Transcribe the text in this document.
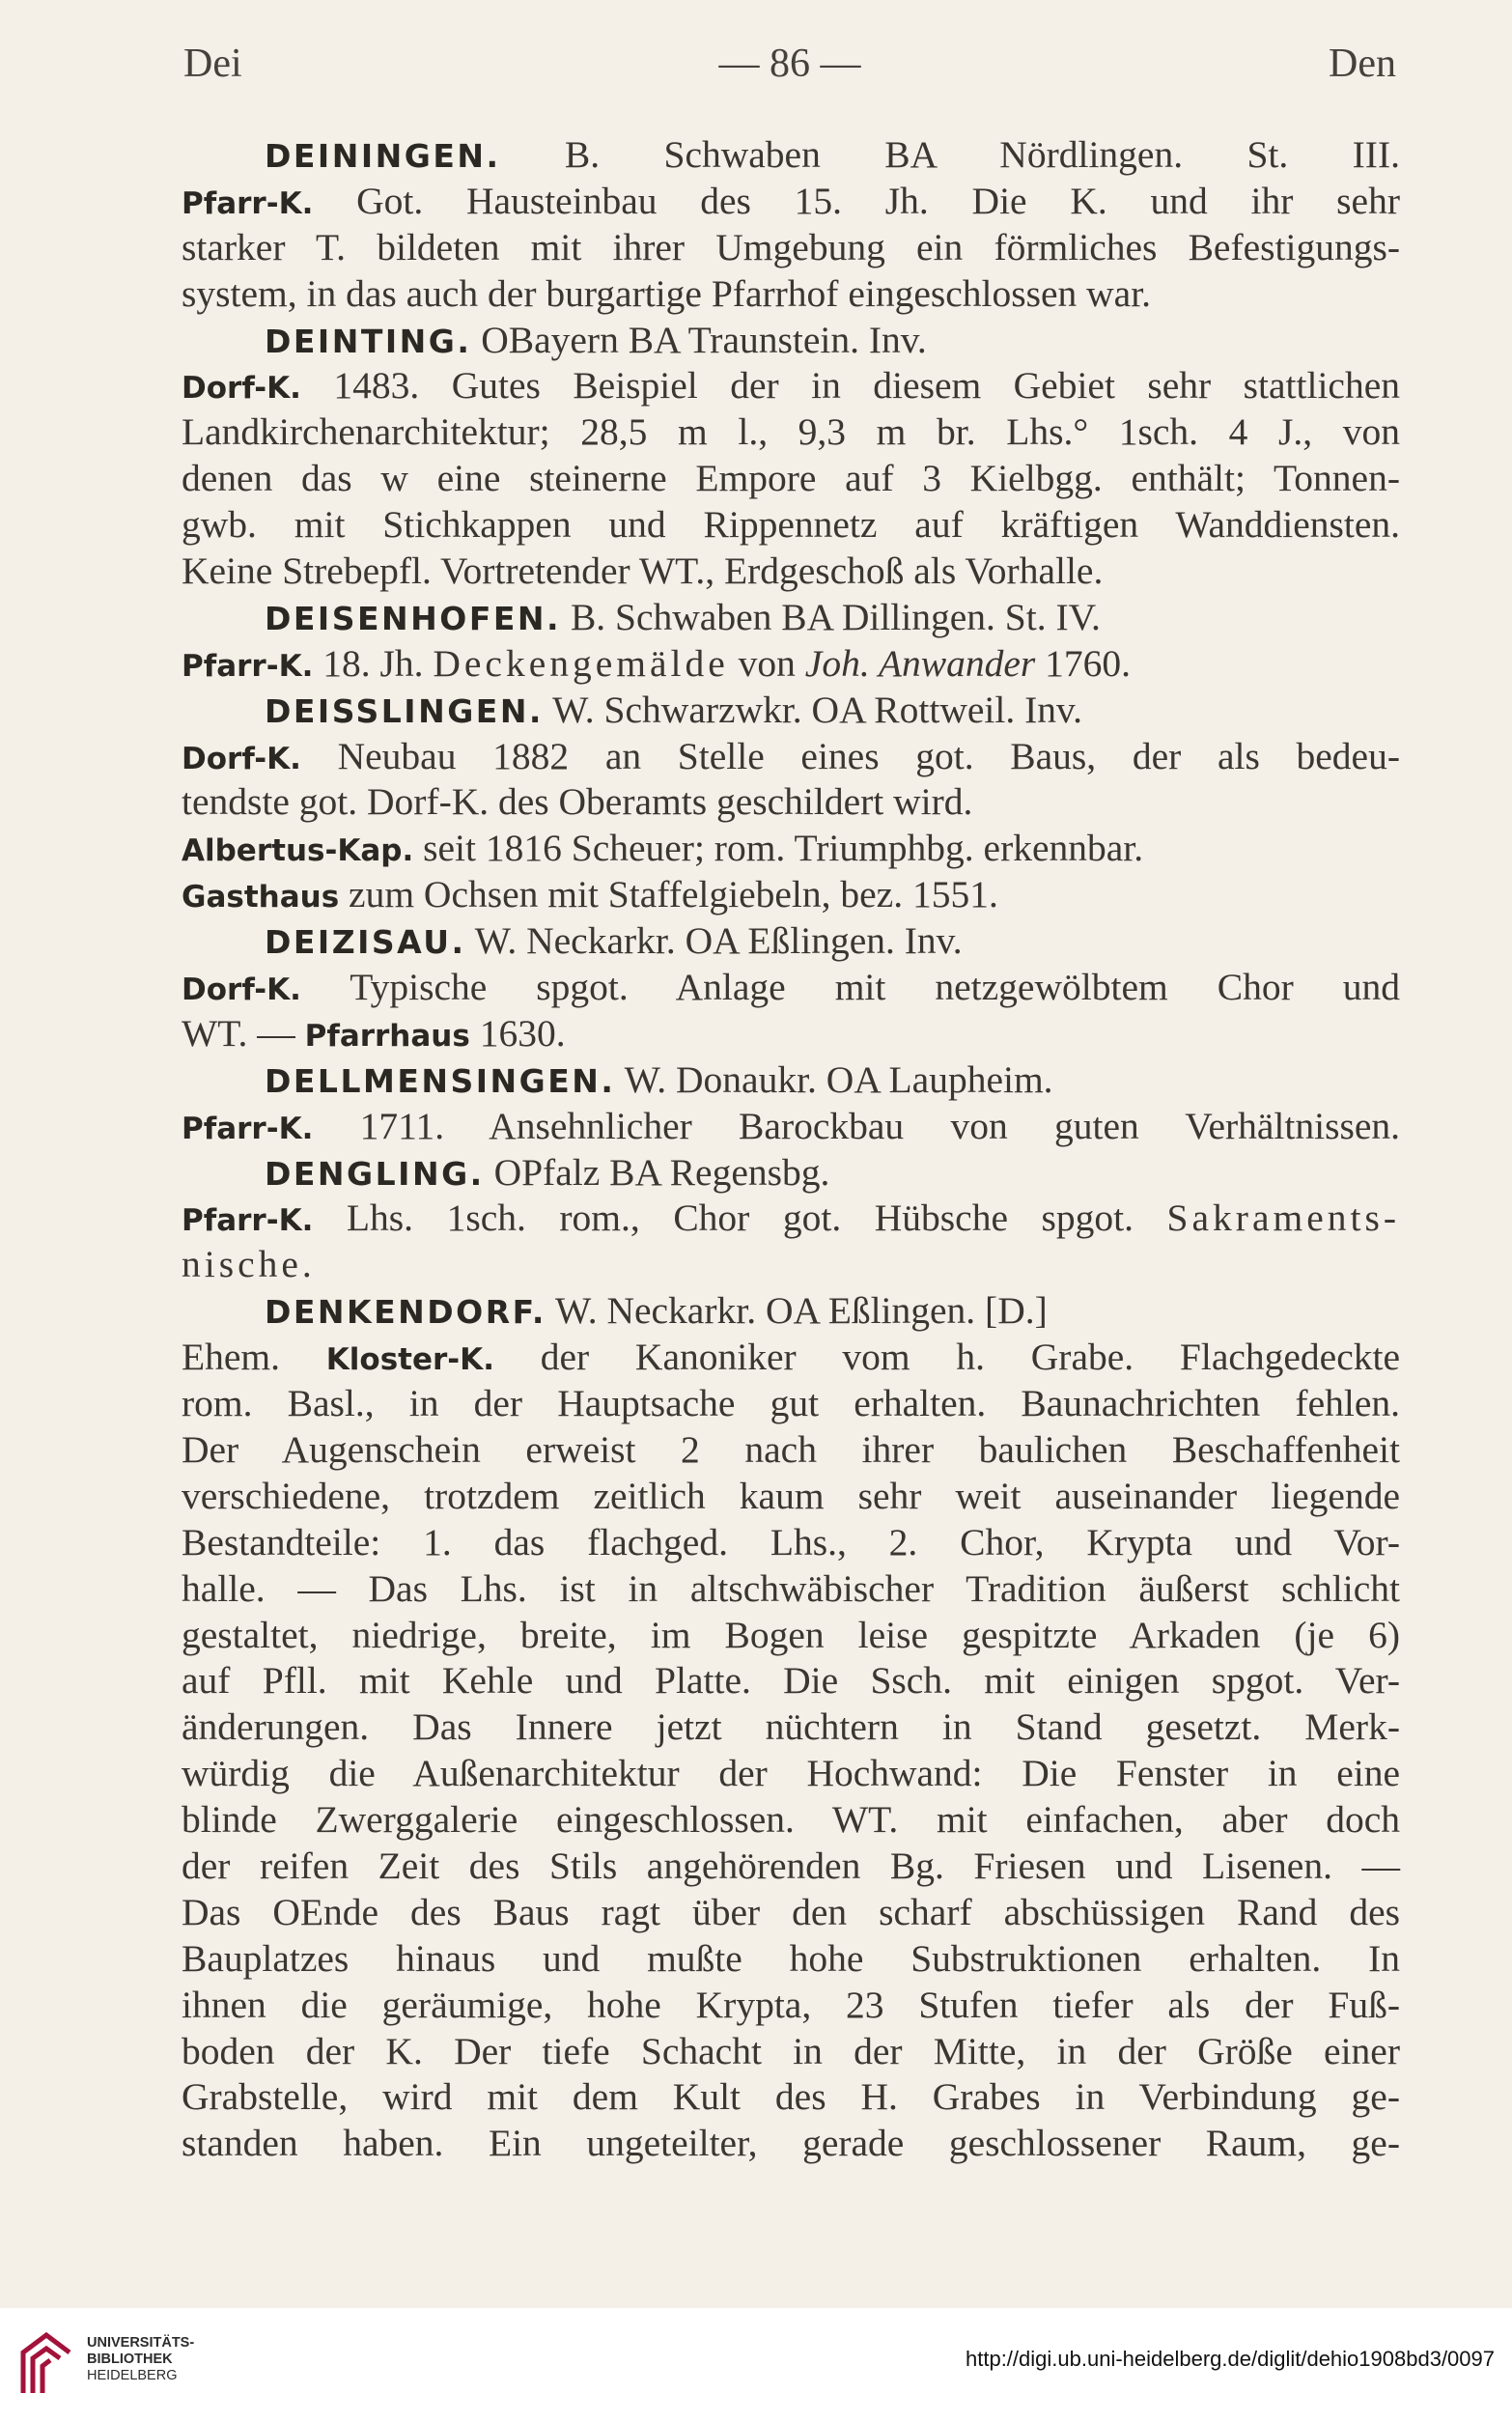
Dei	— 86 —	Den
DEININGEN. B. Schwaben BA Nördlingen. St. III.
Pfarr-K. Got. Hausteinbau des 15. Jh. Die K. und ihr sehr
starker T. bildeten mit ihrer Umgebung ein förmliches Befestigungs-
system, in das auch der burgartige Pfarrhof eingeschlossen war.
DEINTING. OBayern BA Traunstein. Inv.
Dorf-K. 1483. Gutes Beispiel der in diesem Gebiet sehr stattlichen
Landkirchenarchitektur; 28,5 m l., 9,3 m br. Lhs.° 1sch. 4 J., von
denen das w eine steinerne Empore auf 3 Kielbgg. enthält; Tonnen-
gwb. mit Stichkappen und Rippennetz auf kräftigen Wanddiensten.
Keine Strebepfl. Vortretender WT., Erdgeschoß als Vorhalle.
DEISENHOFEN. B. Schwaben BA Dillingen. St. IV.
Pfarr-K. 18. Jh. Deckengemälde von Joh. Anwander 1760.
DEISSLINGEN. W. Schwarzwkr. OA Rottweil. Inv.
Dorf-K. Neubau 1882 an Stelle eines got. Baus, der als bedeu-
tendste got. Dorf-K. des Oberamts geschildert wird.
Albertus-Kap. seit 1816 Scheuer; rom. Triumphbg. erkennbar.
Gasthaus zum Ochsen mit Staffelgiebeln, bez. 1551.
DEIZISAU. W. Neckarkr. OA Eßlingen. Inv.
Dorf-K. Typische spgot. Anlage mit netzgewölbtem Chor und
WT. — Pfarrhaus 1630.
DELLMENSINGEN. W. Donaukr. OA Laupheim.
Pfarr-K. 1711. Ansehnlicher Barockbau von guten Verhältnissen.
DENGLING. OPfalz BA Regensbg.
Pfarr-K. Lhs. 1sch. rom., Chor got. Hübsche spgot. Sakraments-
nische.
DENKENDORF. W. Neckarkr. OA Eßlingen. [D.]
Ehem. Kloster-K. der Kanoniker vom h. Grabe. Flachgedeckte
rom. Basl., in der Hauptsache gut erhalten. Baunachrichten fehlen.
Der Augenschein erweist 2 nach ihrer baulichen Beschaffenheit
verschiedene, trotzdem zeitlich kaum sehr weit auseinander liegende
Bestandteile: 1. das flachged. Lhs., 2. Chor, Krypta und Vor-
halle. — Das Lhs. ist in altschwäbischer Tradition äußerst schlicht
gestaltet, niedrige, breite, im Bogen leise gespitzte Arkaden (je 6)
auf Pfll. mit Kehle und Platte. Die Ssch. mit einigen spgot. Ver-
änderungen. Das Innere jetzt nüchtern in Stand gesetzt. Merk-
würdig die Außenarchitektur der Hochwand: Die Fenster in eine
blinde Zwerggalerie eingeschlossen. WT. mit einfachen, aber doch
der reifen Zeit des Stils angehörenden Bg. Friesen und Lisenen. —
Das OEnde des Baus ragt über den scharf abschüssigen Rand des
Bauplatzes hinaus und mußte hohe Substruktionen erhalten. In
ihnen die geräumige, hohe Krypta, 23 Stufen tiefer als der Fuß-
boden der K. Der tiefe Schacht in der Mitte, in der Größe einer
Grabstelle, wird mit dem Kult des H. Grabes in Verbindung ge-
standen haben. Ein ungeteilter, gerade geschlossener Raum, ge-
UNIVERSITÄTS-
BIBLIOTHEK
HEIDELBERG
http://digi.ub.uni-heidelberg.de/diglit/dehio1908bd3/0097
